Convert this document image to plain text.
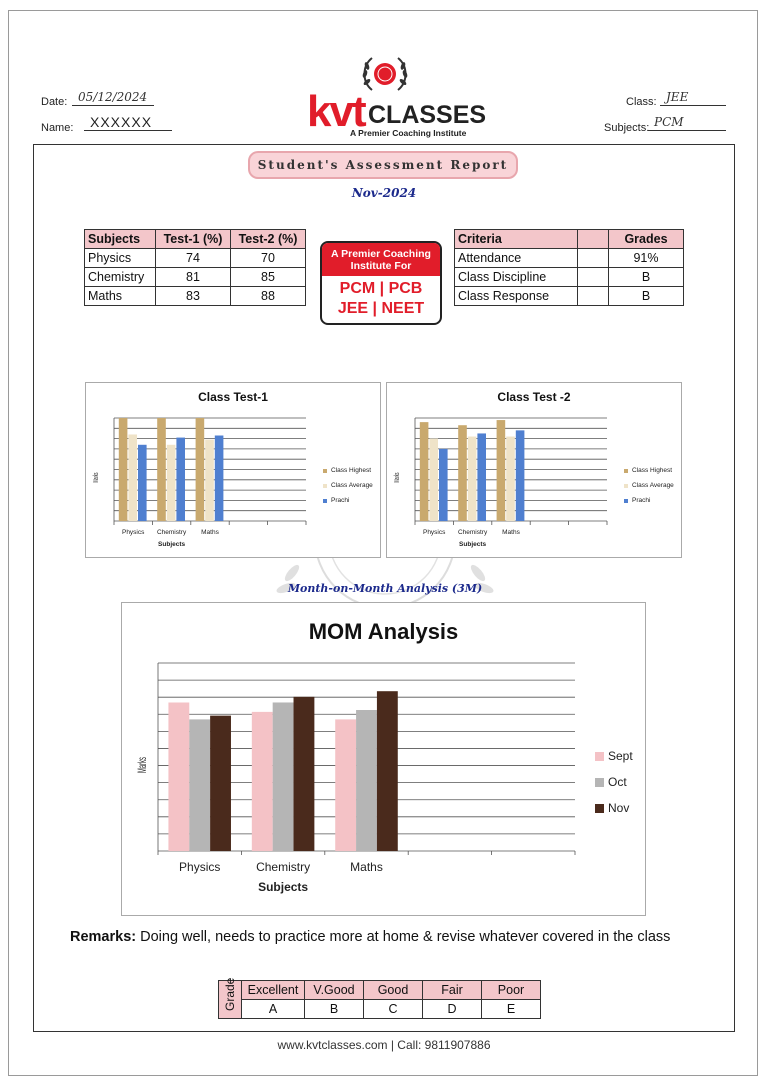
Date: 05/12/2024
Name:	XXXXXX
Class: JEE
Subjects: PCM
kvt CLASSES
A Premier Coaching Institute
Student's Assessment Report
Nov-2024
Subjects	Test-1 (%)	Test-2 (%)
Physics	74	70
Chemistry	81	85
Maths	83	88
A Premier Coaching Institute For
PCM | PCB
JEE | NEET
Criteria		Grades
Attendance		91%
Class Discipline		B
Class Response		B
Class Test-1
Physics Chemistry Maths
Subjects
Marks	Class Highest
Class Average
Prachi
Class Test -2
Physics Chemistry Maths
Subjects
Marks	Class Highest
Class Average
Prachi
Month-on-Month Analysis (3M)
MOM Analysis
Physics	Chemistry	Maths
Subjects
Marks	Sept
Oct
Nov
Remarks: Doing well, needs to practice more at home & revise whatever covered in the class
Grade	Excellent	V.Good	Good	Fair	Poor
	A	B	C	D	E
www.kvtclasses.com | Call: 9811907886
